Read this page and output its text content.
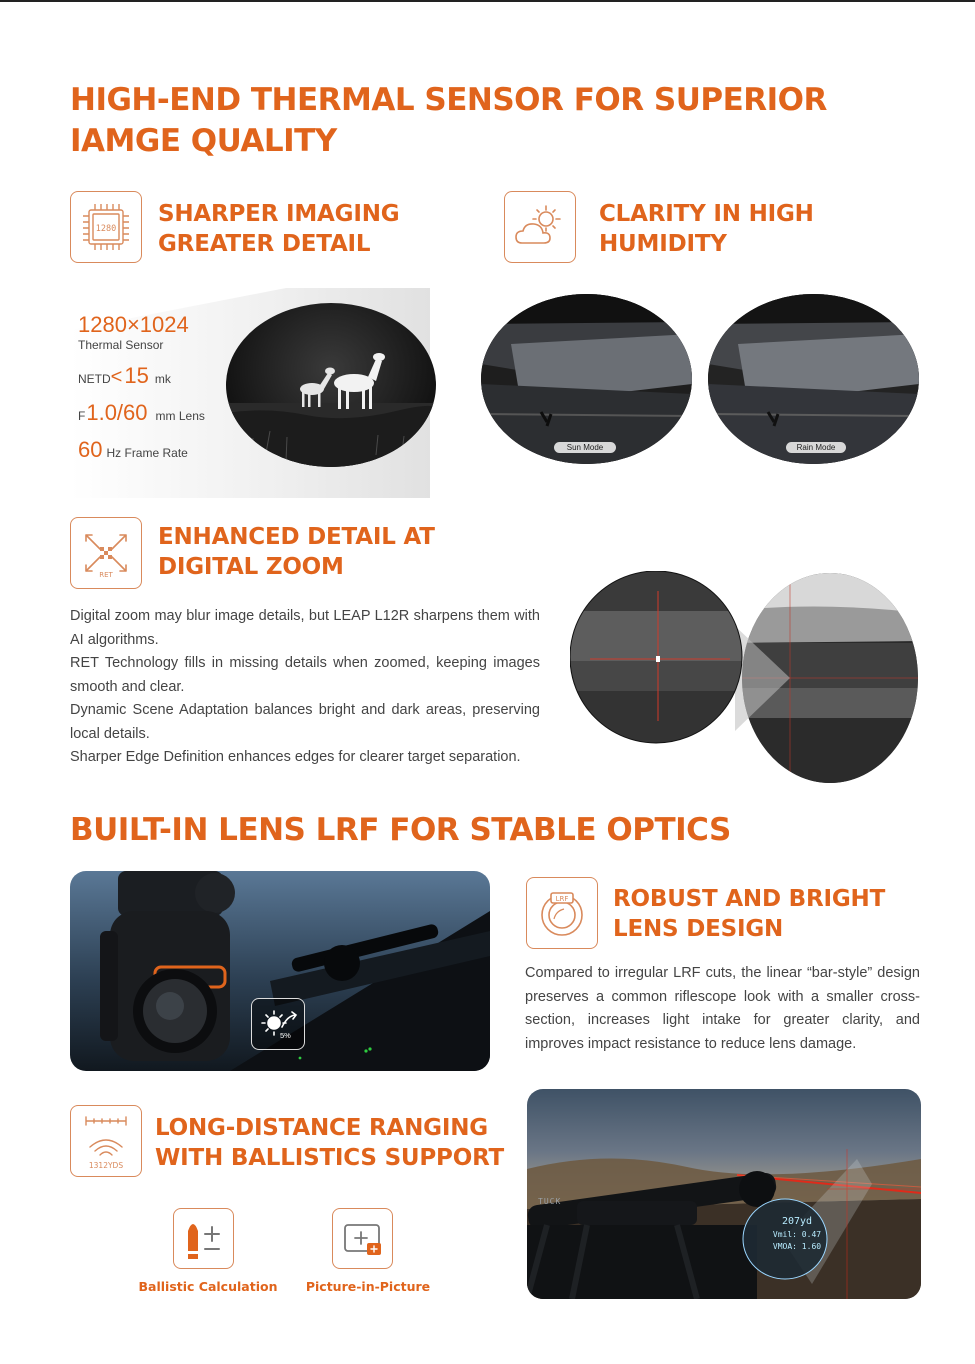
HIGH-END THERMAL SENSOR FOR SUPERIOR
IAMGE QUALITY
1280
SHARPER IMAGING
GREATER DETAIL
1280×1024
Thermal Sensor
NETD<15 mk
F1.0/60 mm Lens
60 Hz Frame Rate
CLARITY IN HIGH
HUMIDITY
Sun Mode	Rain Mode
RET
ENHANCED DETAIL AT
DIGITAL ZOOM

Digital zoom may blur image details, but LEAP L12R sharpens them with AI algorithms.

RET Technology fills in missing details when zoomed, keeping images smooth and clear.

Dynamic Scene Adaptation balances bright and dark areas, preserving local details.

Sharper Edge Definition enhances edges for clearer target separation.

BUILT-IN LENS LRF FOR STABLE OPTICS
5%
LRF ROBUST AND BRIGHT
LENS DESIGN
Compared to irregular LRF cuts, the linear “bar-style” design preserves a common riflescope look with a smaller cross-section, increases light intake for greater clarity, and improves impact resistance to reduce lens damage.
1312YDS
LONG-DISTANCE RANGING
WITH BALLISTICS SUPPORT
Ballistic Calculation	Picture-in-Picture
TUCK
207yd
Vmil: 0.47
VMOA: 1.60
